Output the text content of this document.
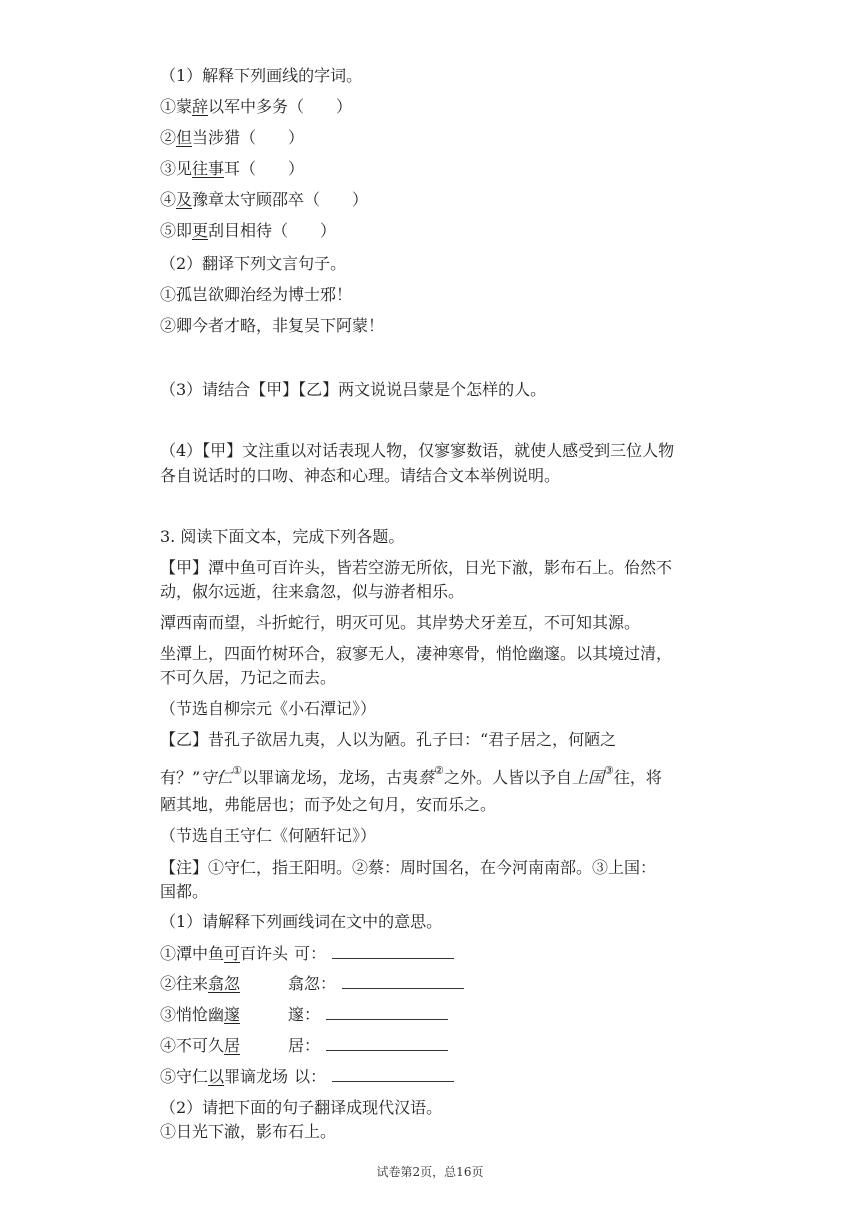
（1）解释下列画线的字词。
①蒙辞以军中多务（　　）
②但当涉猎（　　）
③见往事耳（　　）
④及豫章太守顾邵卒（　　）
⑤即更刮目相待（　　）
（2）翻译下列文言句子。
①孤岂欲卿治经为博士邪！
②卿今者才略，非复吴下阿蒙！
（3）请结合【甲】【乙】两文说说吕蒙是个怎样的人。
（4）【甲】文注重以对话表现人物，仅寥寥数语，就使人感受到三位人物
各自说话时的口吻、神态和心理。请结合文本举例说明。
3. 阅读下面文本，完成下列各题。
【甲】潭中鱼可百许头，皆若空游无所依，日光下澈，影布石上。佁然不
动，俶尔远逝，往来翕忽，似与游者相乐。
潭西南而望，斗折蛇行，明灭可见。其岸势犬牙差互，不可知其源。
坐潭上，四面竹树环合，寂寥无人，凄神寒骨，悄怆幽邃。以其境过清，
不可久居，乃记之而去。
（节选自柳宗元《小石潭记》）
【乙】昔孔子欲居九夷，人以为陋。孔子曰：“君子居之，何陋之
有？”守仁①以罪谪龙场，龙场，古夷蔡②之外。人皆以予自上国③往，将
陋其地，弗能居也；而予处之旬月，安而乐之。
（节选自王守仁《何陋轩记》）
【注】①守仁，指王阳明。②蔡：周时国名，在今河南南部。③上国：
国都。
（1）请解释下列画线词在文中的意思。
①潭中鱼可百许头 可：
②往来翕忽	翕忽：
③悄怆幽邃	邃：
④不可久居	居：
⑤守仁以罪谪龙场 以：
（2）请把下面的句子翻译成现代汉语。
①日光下澈，影布石上。
试卷第2页，总16页
